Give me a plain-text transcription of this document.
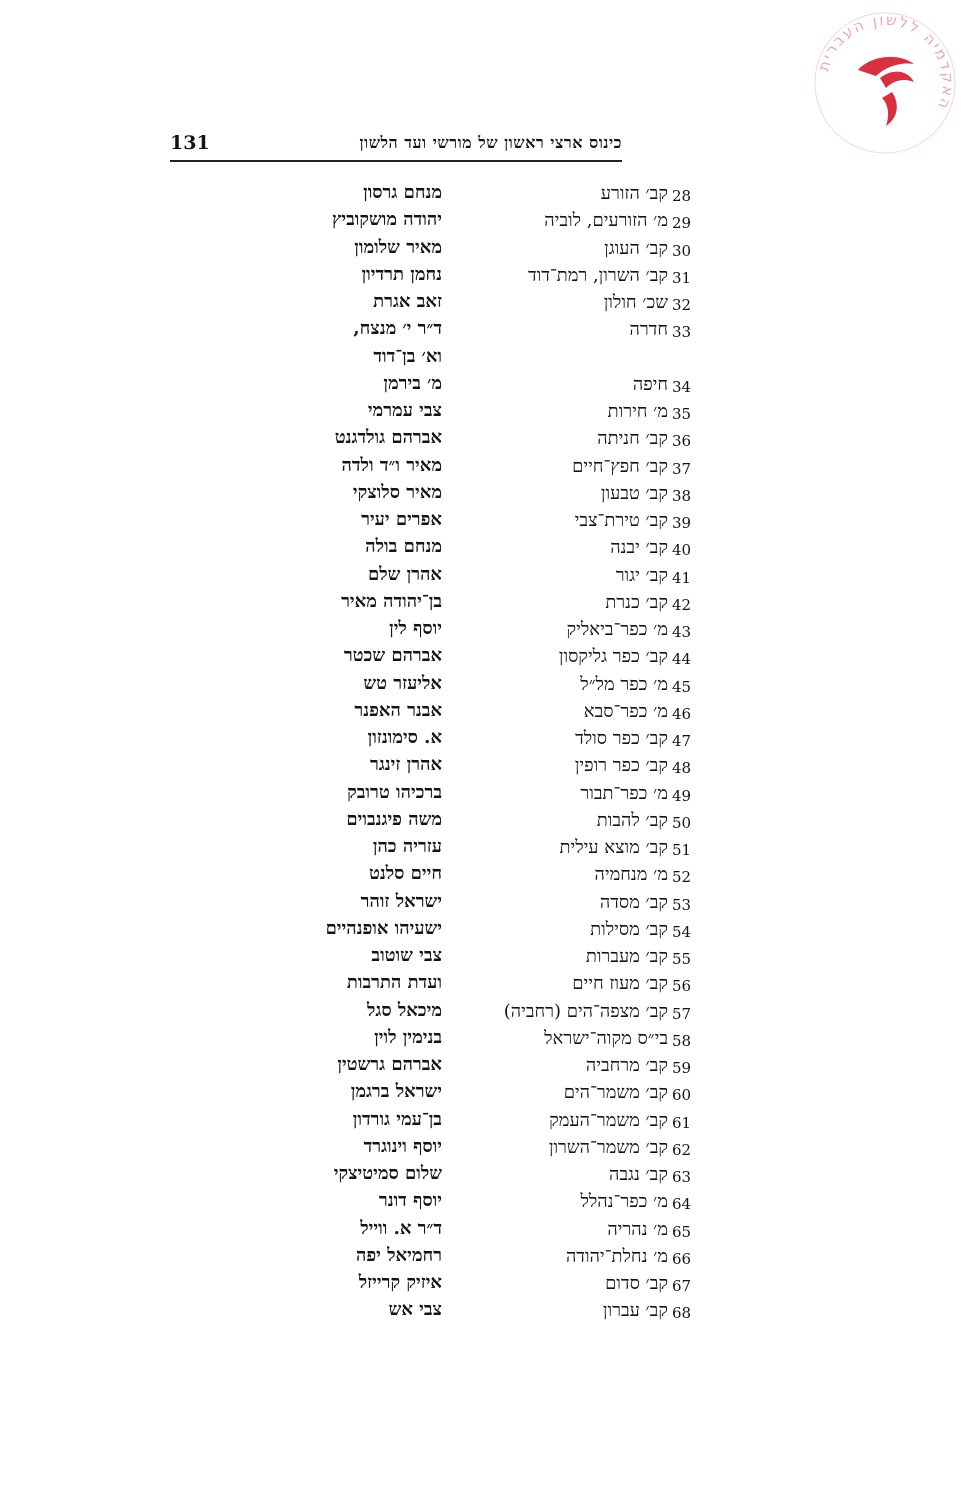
האקדמיה ללשון העברית
131	כינוס ארצי ראשון של מורשי ועד הלשון
28
קב׳ הזורע
מנחם גרסון
29
מ׳ הזורעים, לוביה
יהודה מושקוביץ
30
קב׳ העוגן
מאיר שלומון
31
קב׳ השרון, רמת־דוד
נחמן תרדיון
32
שכ׳ חולון
זאב אגרת
33
חדרה
ד״ר י׳ מנצח,
וא׳ בן־דוד
34
חיפה
מ׳ בירמן
35
מ׳ חירות
צבי עמרמי
36
קב׳ חניתה
אברהם גולדגנט
37
קב׳ חפץ־חיים
מאיר ו״ד ולדה
38
קב׳ טבעון
מאיר סלוצקי
39
קב׳ טירת־צבי
אפרים יעיר
40
קב׳ יבנה
מנחם בולה
41
קב׳ יגור
אהרן שלם
42
קב׳ כנרת
בן־יהודה מאיר
43
מ׳ כפר־ביאליק
יוסף לין
44
קב׳ כפר גליקסון
אברהם שכטר
45
מ׳ כפר מל״ל
אליעזר טש
46
מ׳ כפר־סבא
אבנר האפנר
47
קב׳ כפר סולד
א. סימונזון
48
קב׳ כפר רופין
אהרן זינגר
49
מ׳ כפר־תבור
ברכיהו טרובק
50
קב׳ להבות
משה פיגנבוים
51
קב׳ מוצא עילית
עזריה כהן
52
מ׳ מנחמיה
חיים סלנט
53
קב׳ מסדה
ישראל זוהר
54
קב׳ מסילות
ישעיהו אופנהיים
55
קב׳ מעברות
צבי שוטוב
56
קב׳ מעוז חיים
ועדת התרבות
57
קב׳ מצפה־הים (רחביה)
מיכאל סגל
58
בי״ס מקוה־ישראל
בנימין לוין
59
קב׳ מרחביה
אברהם גרשטין
60
קב׳ משמר־הים
ישראל ברגמן
61
קב׳ משמר־העמק
בן־עמי גורדון
62
קב׳ משמר־השרון
יוסף וינוגרד
63
קב׳ נגבה
שלום סמיטיצקי
64
מ׳ כפר־נהלל
יוסף דונר
65
מ׳ נהריה
ד״ר א. ווייל
66
מ׳ נחלת־יהודה
רחמיאל יפה
67
קב׳ סדום
איזיק קרייזל
68
קב׳ עברון
צבי אש
